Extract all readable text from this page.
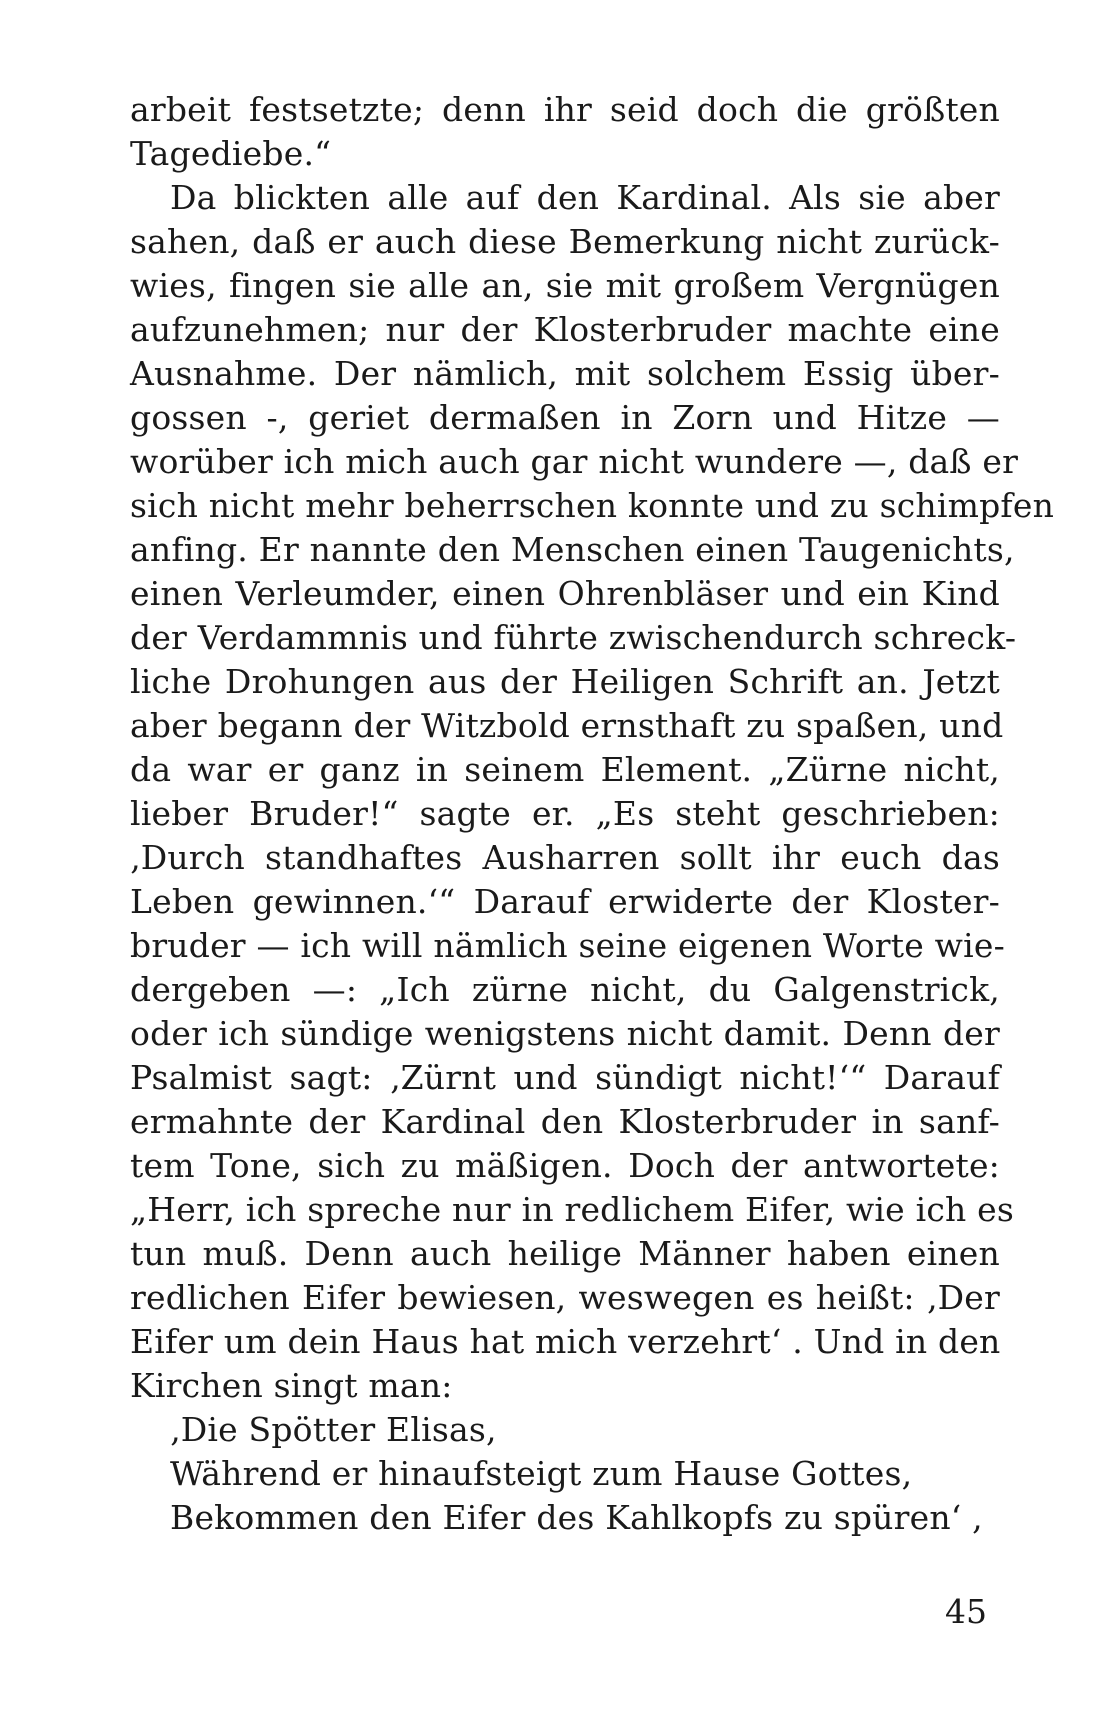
arbeit festsetzte; denn ihr seid doch die größten
Tagediebe.“
Da blickten alle auf den Kardinal. Als sie aber
sahen, daß er auch diese Bemerkung nicht zurück-
wies, fingen sie alle an, sie mit großem Vergnügen
aufzunehmen; nur der Klosterbruder machte eine
Ausnahme. Der nämlich, mit solchem Essig über-
gossen -, geriet dermaßen in Zorn und Hitze —
worüber ich mich auch gar nicht wundere —, daß er
sich nicht mehr beherrschen konnte und zu schimpfen
anfing. Er nannte den Menschen einen Taugenichts,
einen Verleumder, einen Ohrenbläser und ein Kind
der Verdammnis und führte zwischendurch schreck-
liche Drohungen aus der Heiligen Schrift an. Jetzt
aber begann der Witzbold ernsthaft zu spaßen, und
da war er ganz in seinem Element. „Zürne nicht,
lieber Bruder!“ sagte er. „Es steht geschrieben:
‚Durch standhaftes Ausharren sollt ihr euch das
Leben gewinnen.‘“ Darauf erwiderte der Kloster-
bruder — ich will nämlich seine eigenen Worte wie-
dergeben —: „Ich zürne nicht, du Galgenstrick,
oder ich sündige wenigstens nicht damit. Denn der
Psalmist sagt: ‚Zürnt und sündigt nicht!‘“ Darauf
ermahnte der Kardinal den Klosterbruder in sanf-
tem Tone, sich zu mäßigen. Doch der antwortete:
„Herr, ich spreche nur in redlichem Eifer, wie ich es
tun muß. Denn auch heilige Männer haben einen
redlichen Eifer bewiesen, weswegen es heißt: ‚Der
Eifer um dein Haus hat mich verzehrt‘ . Und in den
Kirchen singt man:
‚Die Spötter Elisas,
Während er hinaufsteigt zum Hause Gottes,
Bekommen den Eifer des Kahlkopfs zu spüren‘ ,
45
